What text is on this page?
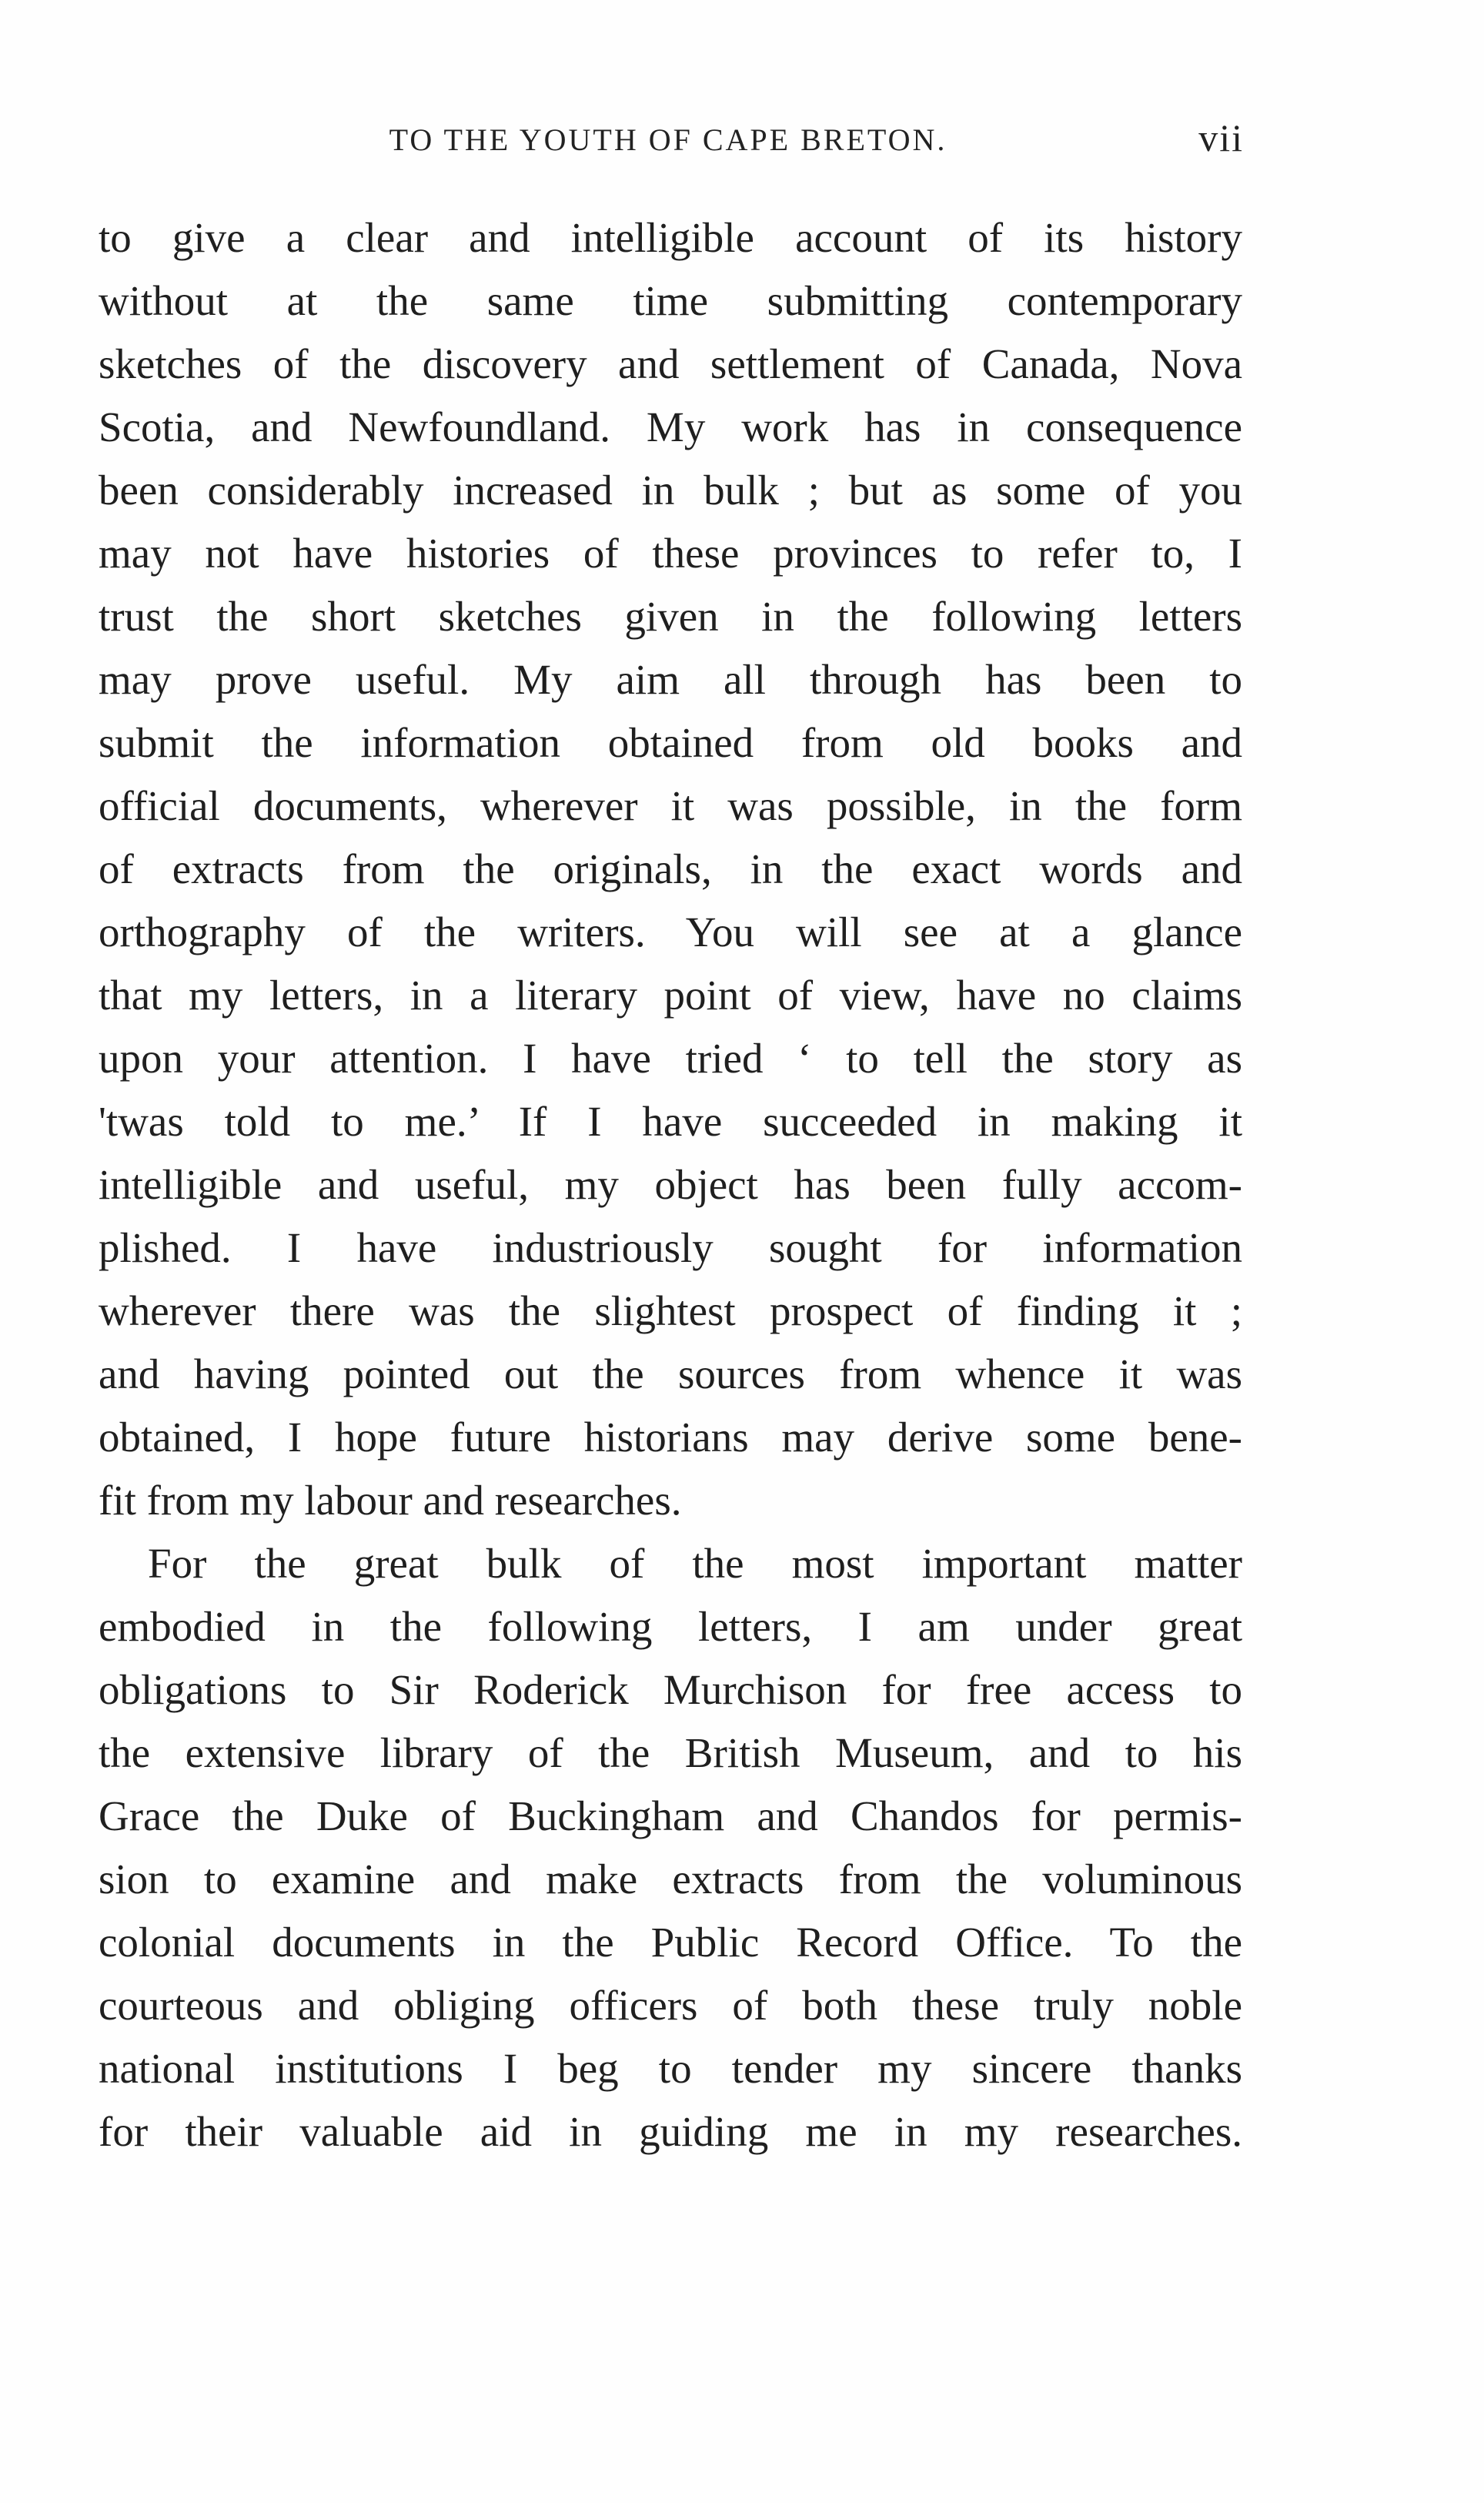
TO THE YOUTH OF CAPE BRETON.	vii
to give a clear and intelligible account of its history
without at the same time submitting contemporary
sketches of the discovery and settlement of Canada, Nova
Scotia, and Newfoundland. My work has in consequence
been considerably increased in bulk ; but as some of you
may not have histories of these provinces to refer to, I
trust the short sketches given in the following letters
may prove useful. My aim all through has been to
submit the information obtained from old books and
official documents, wherever it was possible, in the form
of extracts from the originals, in the exact words and
orthography of the writers. You will see at a glance
that my letters, in a literary point of view, have no claims
upon your attention. I have tried ‘ to tell the story as
'twas told to me.’ If I have succeeded in making it
intelligible and useful, my object has been fully accom-
plished. I have industriously sought for information
wherever there was the slightest prospect of finding it ;
and having pointed out the sources from whence it was
obtained, I hope future historians may derive some bene-
fit from my labour and researches.
For the great bulk of the most important matter
embodied in the following letters, I am under great
obligations to Sir Roderick Murchison for free access to
the extensive library of the British Museum, and to his
Grace the Duke of Buckingham and Chandos for permis-
sion to examine and make extracts from the voluminous
colonial documents in the Public Record Office. To the
courteous and obliging officers of both these truly noble
national institutions I beg to tender my sincere thanks
for their valuable aid in guiding me in my researches.
